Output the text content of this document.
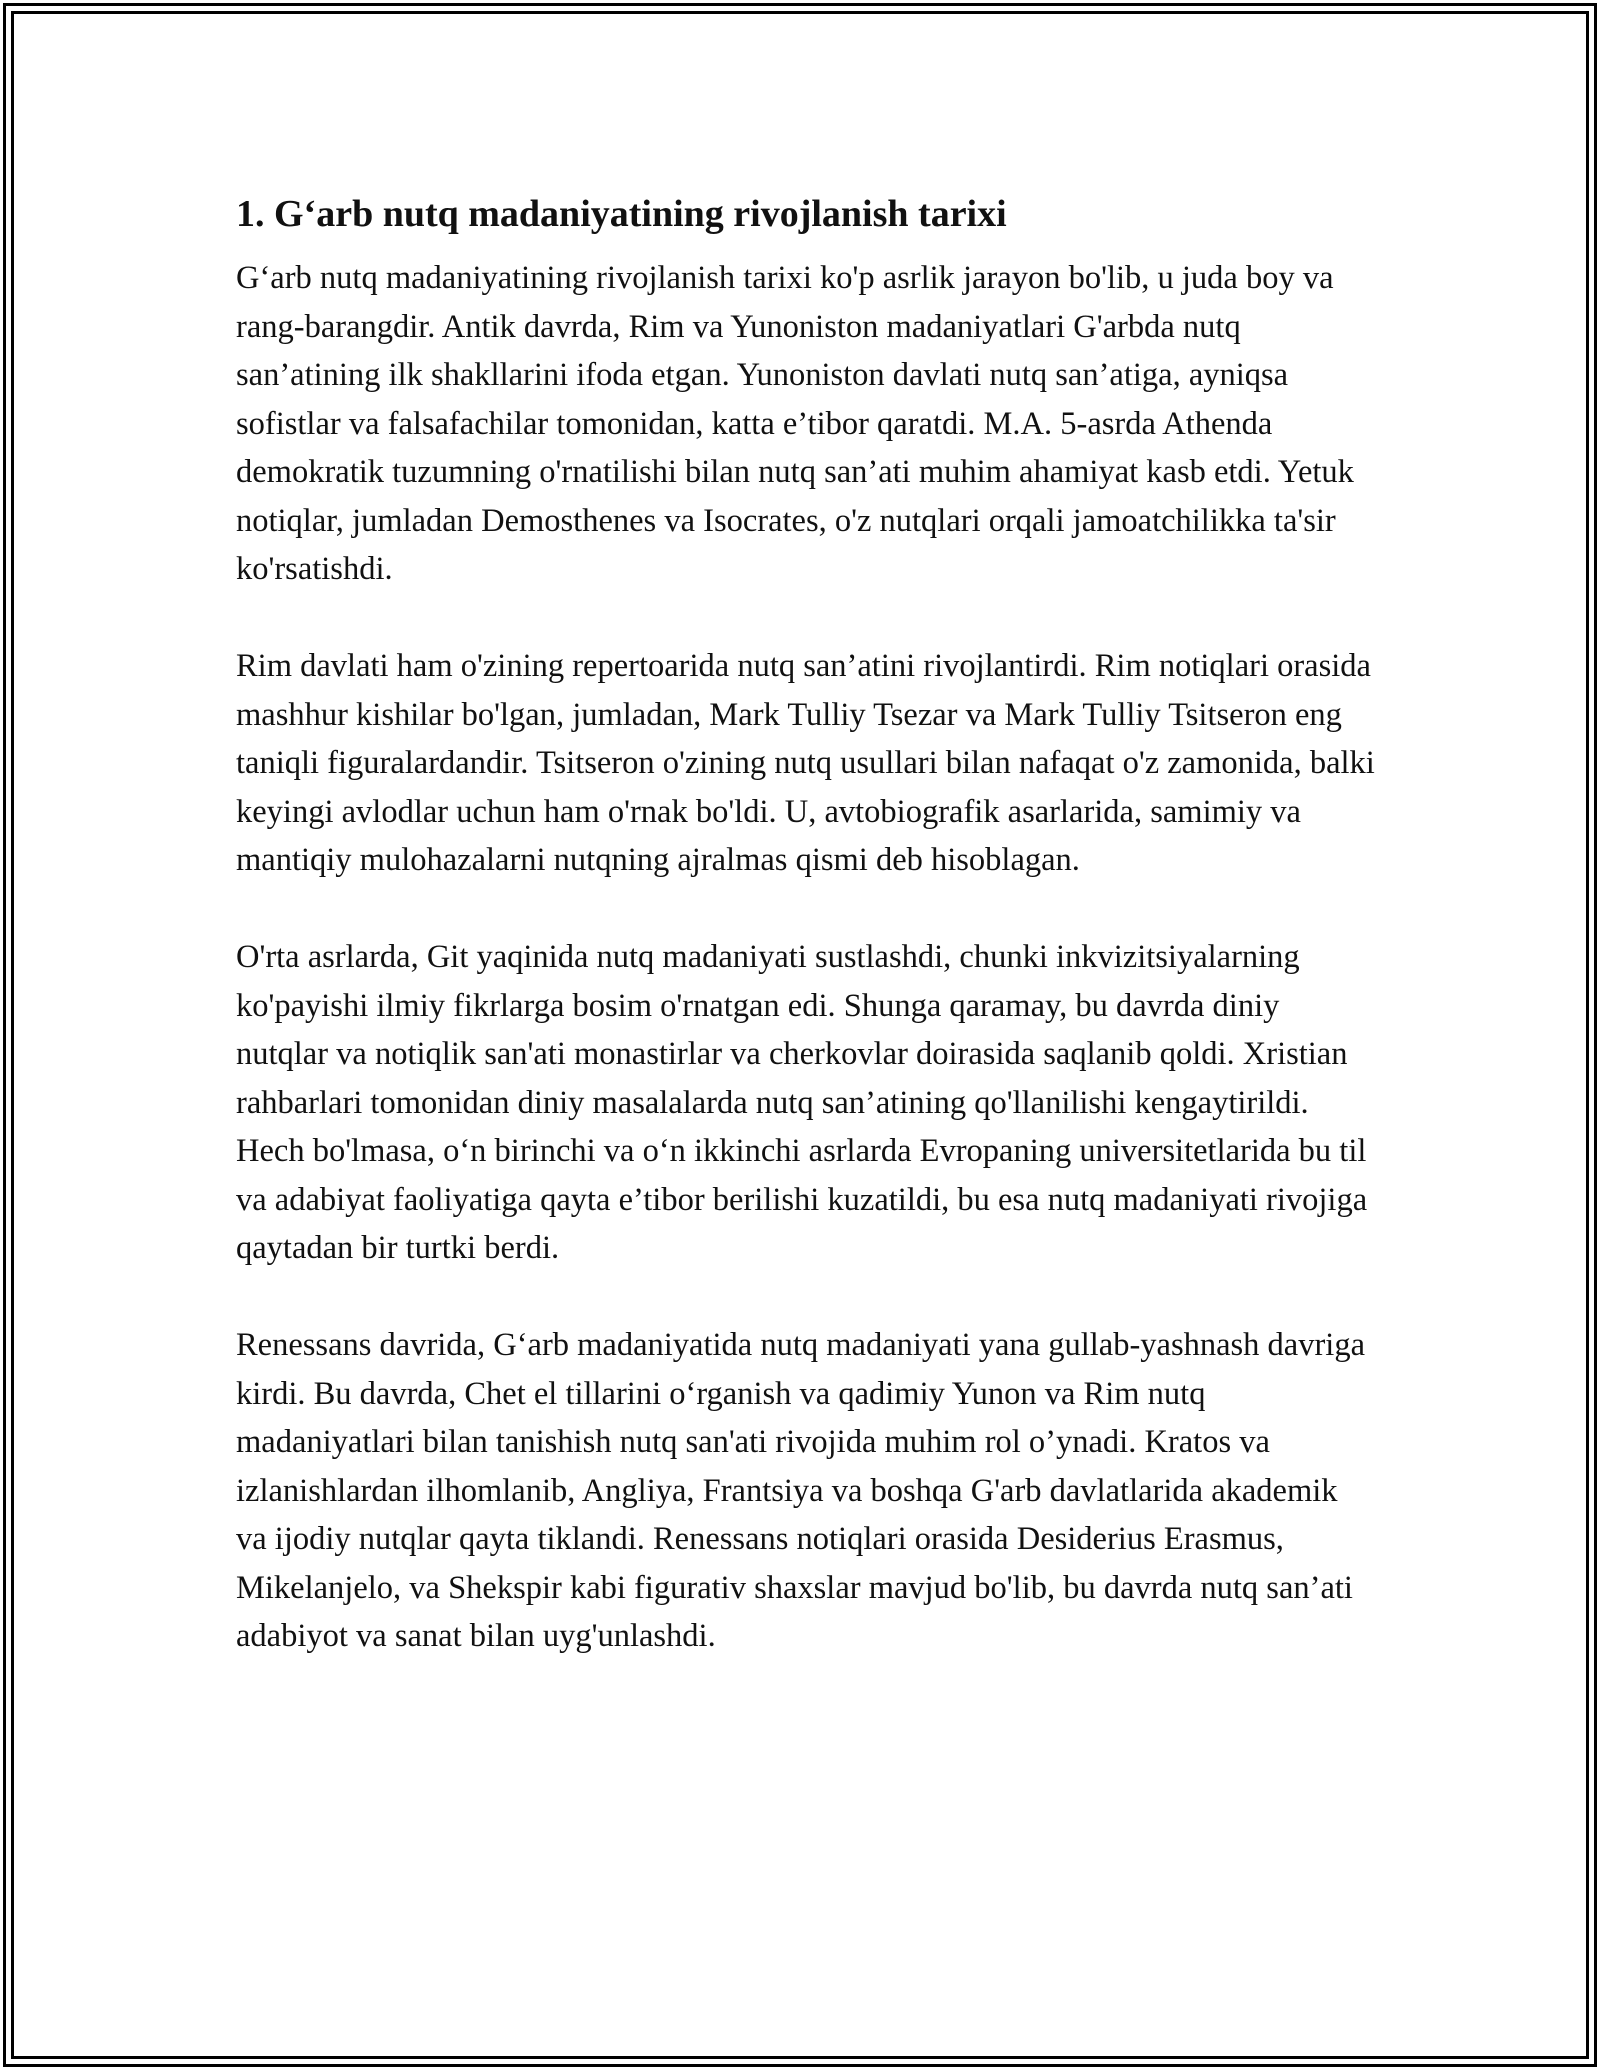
1. G‘arb nutq madaniyatining rivojlanish tarixi

G‘arb nutq madaniyatining rivojlanish tarixi ko'p asrlik jarayon bo'lib, u juda boy va rang-barangdir. Antik davrda, Rim va Yunoniston madaniyatlari G'arbda nutq san’atining ilk shakllarini ifoda etgan. Yunoniston davlati nutq san’atiga, ayniqsa sofistlar va falsafachilar tomonidan, katta e’tibor qaratdi. M.A. 5-asrda Athenda demokratik tuzumning o'rnatilishi bilan nutq san’ati muhim ahamiyat kasb etdi. Yetuk notiqlar, jumladan Demosthenes va Isocrates, o'z nutqlari orqali jamoatchilikka ta'sir ko'rsatishdi.

Rim davlati ham o'zining repertoarida nutq san’atini rivojlantirdi. Rim notiqlari orasida mashhur kishilar bo'lgan, jumladan, Mark Tulliy Tsezar va Mark Tulliy Tsitseron eng taniqli figuralardandir. Tsitseron o'zining nutq usullari bilan nafaqat o'z zamonida, balki keyingi avlodlar uchun ham o'rnak bo'ldi. U, avtobiografik asarlarida, samimiy va mantiqiy mulohazalarni nutqning ajralmas qismi deb hisoblagan.

O'rta asrlarda, Git yaqinida nutq madaniyati sustlashdi, chunki inkvizitsiyalarning ko'payishi ilmiy fikrlarga bosim o'rnatgan edi. Shunga qaramay, bu davrda diniy nutqlar va notiqlik san'ati monastirlar va cherkovlar doirasida saqlanib qoldi. Xristian rahbarlari tomonidan diniy masalalarda nutq san’atining qo'llanilishi kengaytirildi. Hech bo'lmasa, o‘n birinchi va o‘n ikkinchi asrlarda Evropaning universitetlarida bu til va adabiyat faoliyatiga qayta e’tibor berilishi kuzatildi, bu esa nutq madaniyati rivojiga qaytadan bir turtki berdi.

Renessans davrida, G‘arb madaniyatida nutq madaniyati yana gullab-yashnash davriga kirdi. Bu davrda, Chet el tillarini o‘rganish va qadimiy Yunon va Rim nutq madaniyatlari bilan tanishish nutq san'ati rivojida muhim rol o’ynadi. Kratos va izlanishlardan ilhomlanib, Angliya, Frantsiya va boshqa G'arb davlatlarida akademik va ijodiy nutqlar qayta tiklandi. Renessans notiqlari orasida Desiderius Erasmus, Mikelanjelo, va Shekspir kabi figurativ shaxslar mavjud bo'lib, bu davrda nutq san’ati adabiyot va sanat bilan uyg'unlashdi.
